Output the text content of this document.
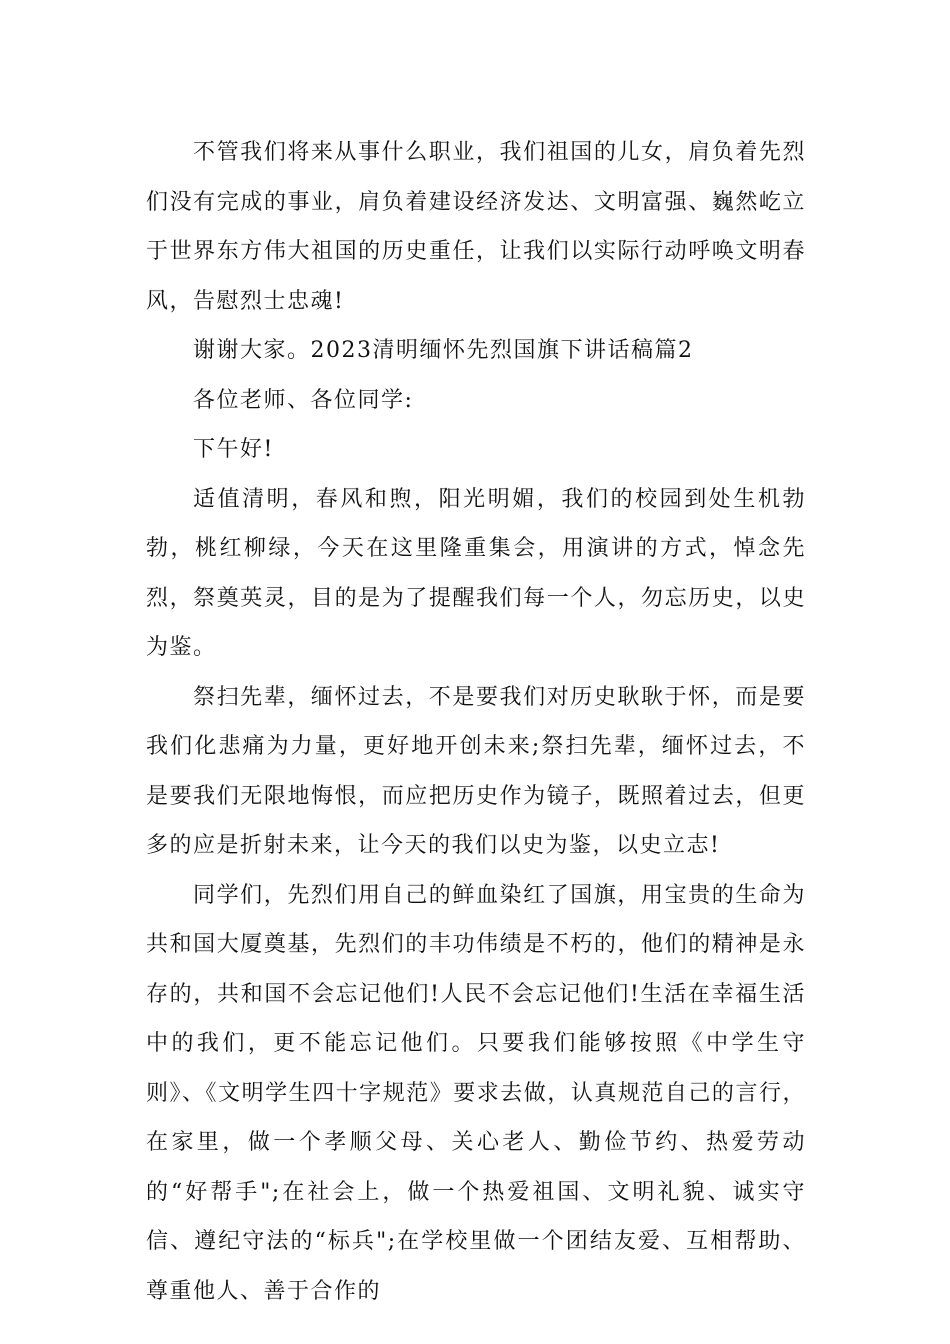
不管我们将来从事什么职业，我们祖国的儿女，肩负着先烈们没有完成的事业，肩负着建设经济发达、文明富强、巍然屹立于世界东方伟大祖国的历史重任，让我们以实际行动呼唤文明春风，告慰烈士忠魂!

谢谢大家。2023清明缅怀先烈国旗下讲话稿篇2

各位老师、各位同学:

下午好!

适值清明，春风和煦，阳光明媚，我们的校园到处生机勃勃，桃红柳绿，今天在这里隆重集会，用演讲的方式，悼念先烈，祭奠英灵，目的是为了提醒我们每一个人，勿忘历史，以史为鉴。

祭扫先辈，缅怀过去，不是要我们对历史耿耿于怀，而是要我们化悲痛为力量，更好地开创未来;祭扫先辈，缅怀过去，不是要我们无限地悔恨，而应把历史作为镜子，既照着过去，但更多的应是折射未来，让今天的我们以史为鉴，以史立志!

同学们，先烈们用自己的鲜血染红了国旗，用宝贵的生命为共和国大厦奠基，先烈们的丰功伟绩是不朽的，他们的精神是永存的，共和国不会忘记他们!人民不会忘记他们!生活在幸福生活中的我们，更不能忘记他们。只要我们能够按照《中学生守则》、《文明学生四十字规范》要求去做，认真规范自己的言行，在家里，做一个孝顺父母、关心老人、勤俭节约、热爱劳动的“好帮手";在社会上，做一个热爱祖国、文明礼貌、诚实守信、遵纪守法的“标兵";在学校里做一个团结友爱、互相帮助、尊重他人、善于合作的
